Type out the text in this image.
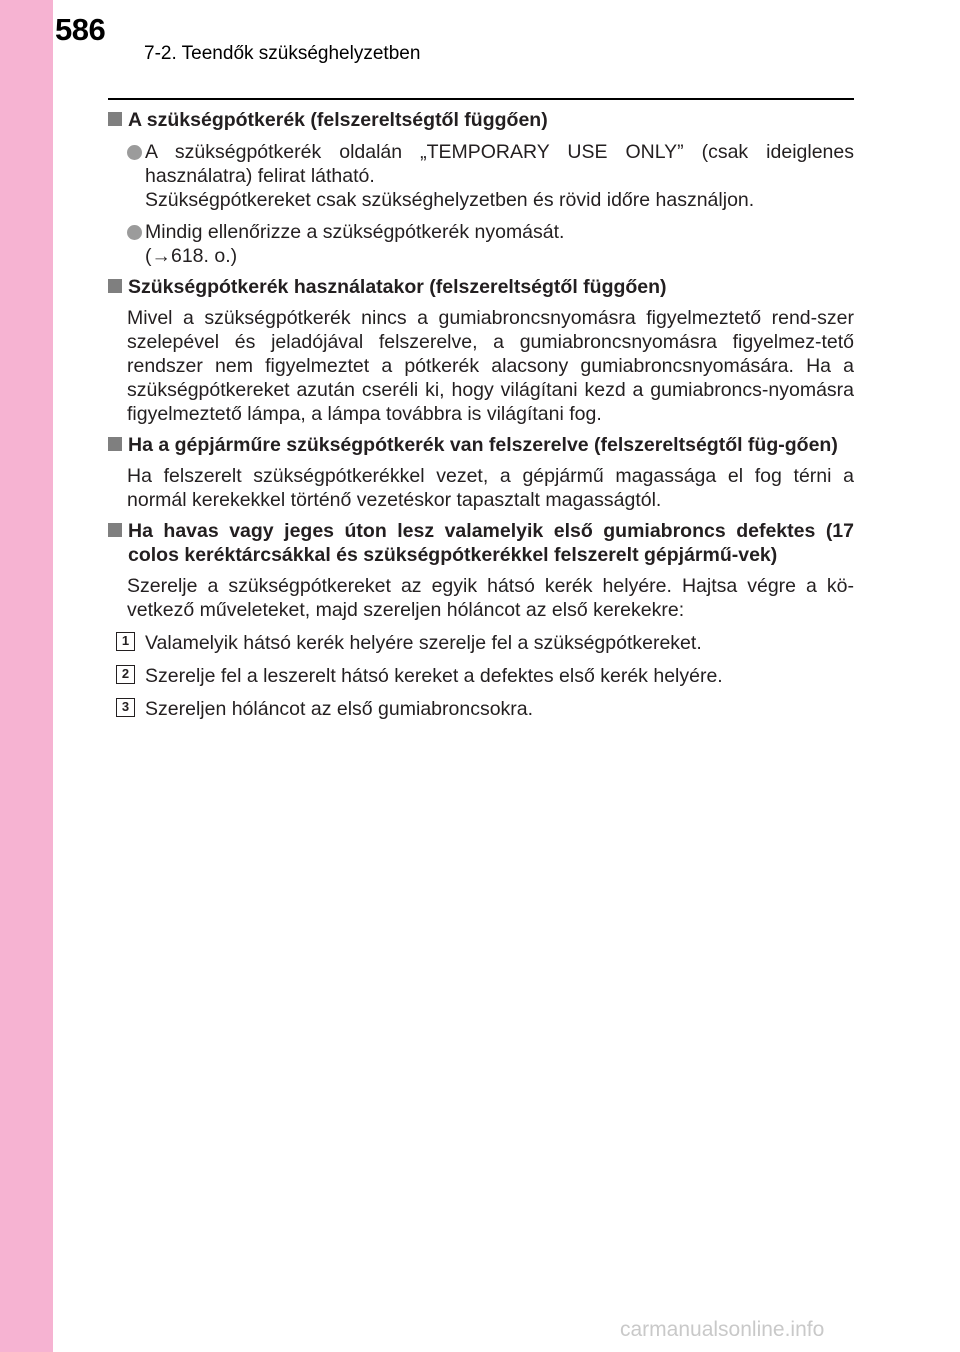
586
7-2. Teendők szükséghelyzetben
A szükségpótkerék (felszereltségtől függően)
A szükségpótkerék oldalán „TEMPORARY USE ONLY” (csak ideiglenes használatra) felirat látható.
Szükségpótkereket csak szükséghelyzetben és rövid időre használjon.
Mindig ellenőrizze a szükségpótkerék nyomását.
(→618. o.)
Szükségpótkerék használatakor (felszereltségtől függően)
Mivel a szükségpótkerék nincs a gumiabroncsnyomásra figyelmeztető rend-szer szelepével és jeladójával felszerelve, a gumiabroncsnyomásra figyelmez-tető rendszer nem figyelmeztet a pótkerék alacsony gumiabroncsnyomására. Ha a szükségpótkereket azután cseréli ki, hogy világítani kezd a gumiabroncs-nyomásra figyelmeztető lámpa, a lámpa továbbra is világítani fog.
Ha a gépjárműre szükségpótkerék van felszerelve (felszereltségtől füg-gően)
Ha felszerelt szükségpótkerékkel vezet, a gépjármű magassága el fog térni a normál kerekekkel történő vezetéskor tapasztalt magasságtól.
Ha havas vagy jeges úton lesz valamelyik első gumiabroncs defektes (17 colos keréktárcsákkal és szükségpótkerékkel felszerelt gépjármű-vek)
Szerelje a szükségpótkereket az egyik hátsó kerék helyére. Hajtsa végre a kö-vetkező műveleteket, majd szereljen hóláncot az első kerekekre:
1 Valamelyik hátsó kerék helyére szerelje fel a szükségpótkereket.
2 Szerelje fel a leszerelt hátsó kereket a defektes első kerék helyére.
3 Szereljen hóláncot az első gumiabroncsokra.
carmanualsonline.info
